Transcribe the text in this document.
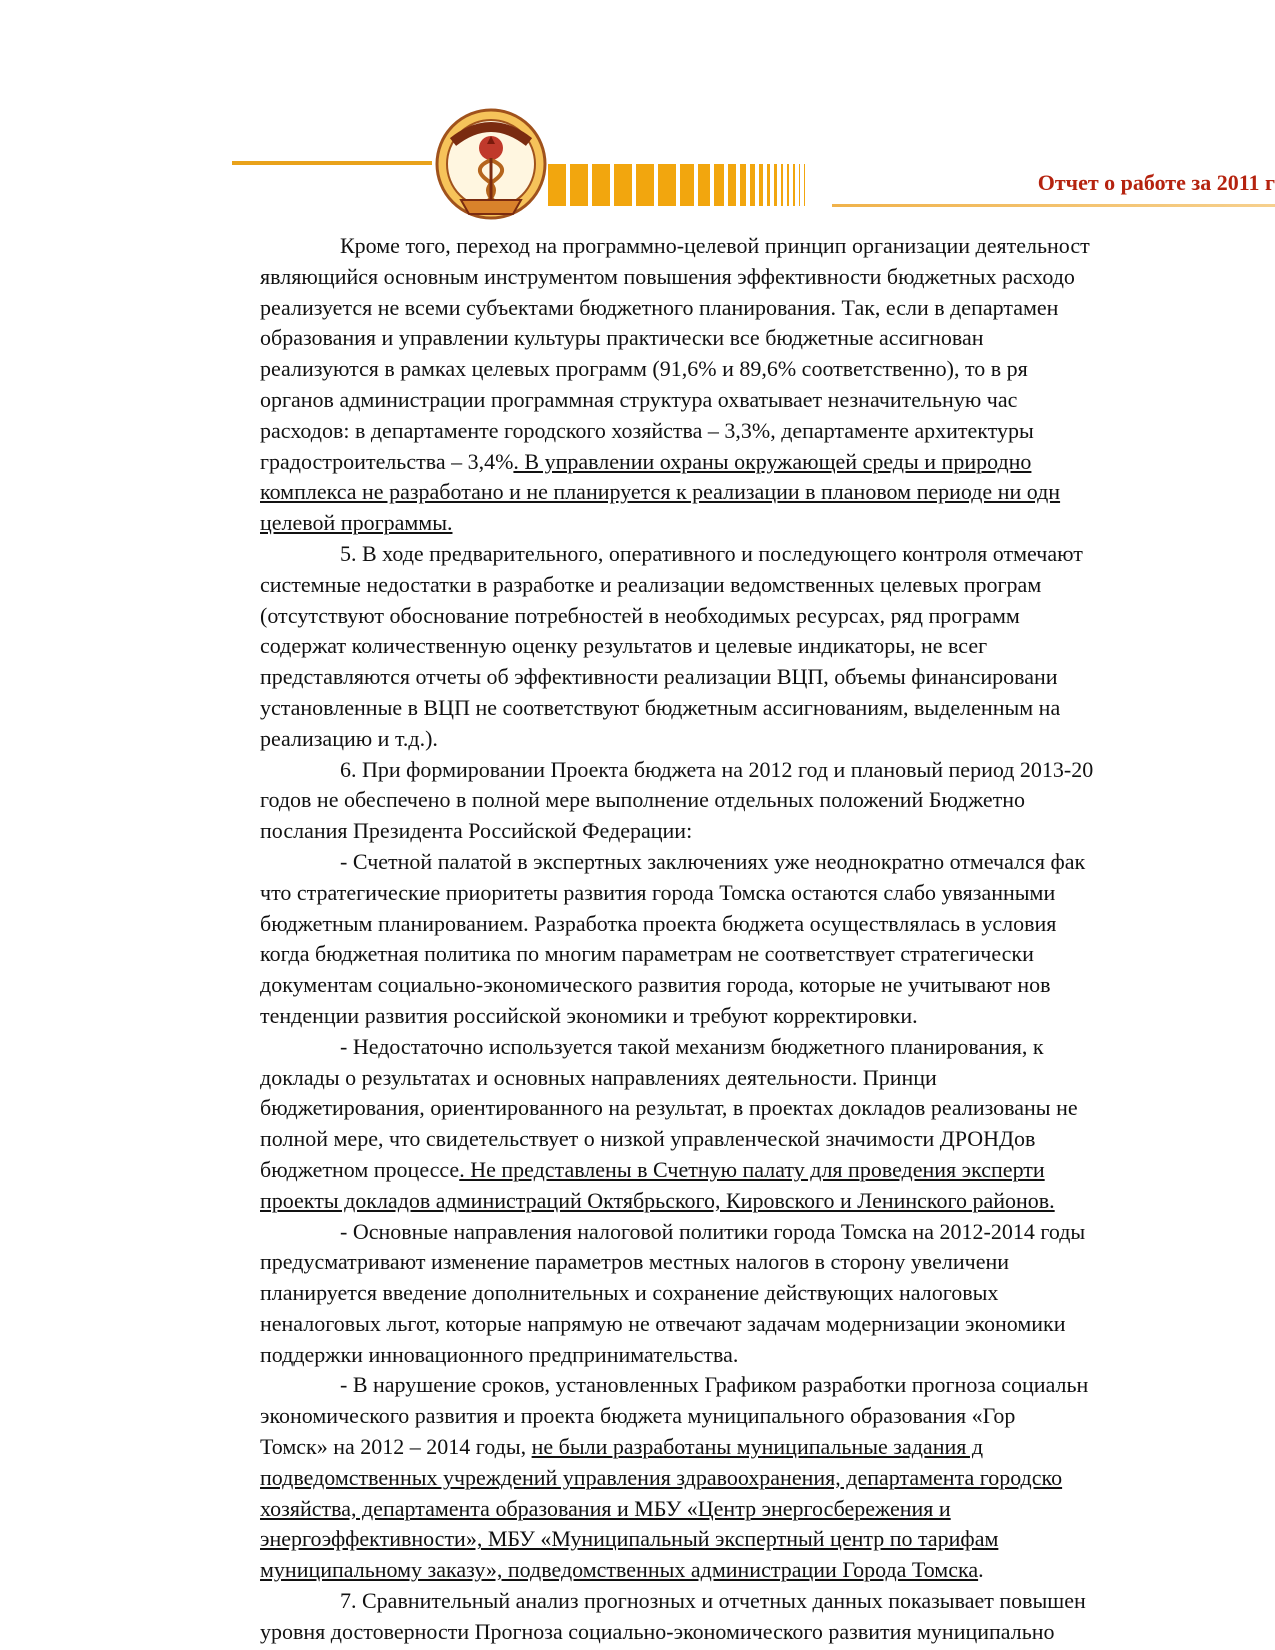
Отчет о работе за 2011 г

Кроме того, переход на программно-целевой принцип организации деятельност

являющийся основным инструментом повышения эффективности бюджетных расходо

реализуется не всеми субъектами бюджетного планирования. Так, если в департамен

образования и управлении культуры практически все бюджетные ассигнован

реализуются в рамках целевых программ (91,6% и 89,6% соответственно), то в ря

органов администрации программная структура охватывает незначительную час

расходов: в департаменте городского хозяйства – 3,3%, департаменте архитектуры

градостроительства – 3,4%. В управлении охраны окружающей среды и природно

комплекса не разработано и не планируется к реализации в плановом периоде ни одн

целевой программы.

5. В ходе предварительного, оперативного и последующего контроля отмечают

системные недостатки в разработке и реализации ведомственных целевых програм

(отсутствуют обоснование потребностей в необходимых ресурсах, ряд программ

содержат количественную оценку результатов и целевые индикаторы, не всег

представляются отчеты об эффективности реализации ВЦП, объемы финансировани

установленные в ВЦП не соответствуют бюджетным ассигнованиям, выделенным на

реализацию и т.д.).

6. При формировании Проекта бюджета на 2012 год и плановый период 2013-20

годов не обеспечено в полной мере выполнение отдельных положений Бюджетно

послания Президента Российской Федерации:

- Счетной палатой в экспертных заключениях уже неоднократно отмечался фак

что стратегические приоритеты развития города Томска остаются слабо увязанными

бюджетным планированием. Разработка проекта бюджета осуществлялась в условия

когда бюджетная политика по многим параметрам не соответствует стратегически

документам социально-экономического развития города, которые не учитывают нов

тенденции развития российской экономики и требуют корректировки.

- Недостаточно используется такой механизм бюджетного планирования, к

доклады о результатах и основных направлениях деятельности. Принци

бюджетирования, ориентированного на результат, в проектах докладов реализованы не

полной мере, что свидетельствует о низкой управленческой значимости ДРОНДов

бюджетном процессе. Не представлены в Счетную палату для проведения эксперти

проекты докладов администраций Октябрьского, Кировского и Ленинского районов.

- Основные направления налоговой политики города Томска на 2012-2014 годы

предусматривают изменение параметров местных налогов в сторону увеличени

планируется введение дополнительных и сохранение действующих налоговых

неналоговых льгот, которые напрямую не отвечают задачам модернизации экономики

поддержки инновационного предпринимательства.

- В нарушение сроков, установленных Графиком разработки прогноза социальн

экономического развития и проекта бюджета муниципального образования «Гор

Томск» на 2012 – 2014 годы, не были разработаны муниципальные задания д

подведомственных учреждений управления здравоохранения, департамента городско

хозяйства, департамента образования и МБУ «Центр энергосбережения и

энергоэффективности», МБУ «Муниципальный экспертный центр по тарифам

муниципальному заказу», подведомственных администрации Города Томска.

7. Сравнительный анализ прогнозных и отчетных данных показывает повышен

уровня достоверности Прогноза социально-экономического развития муниципально
